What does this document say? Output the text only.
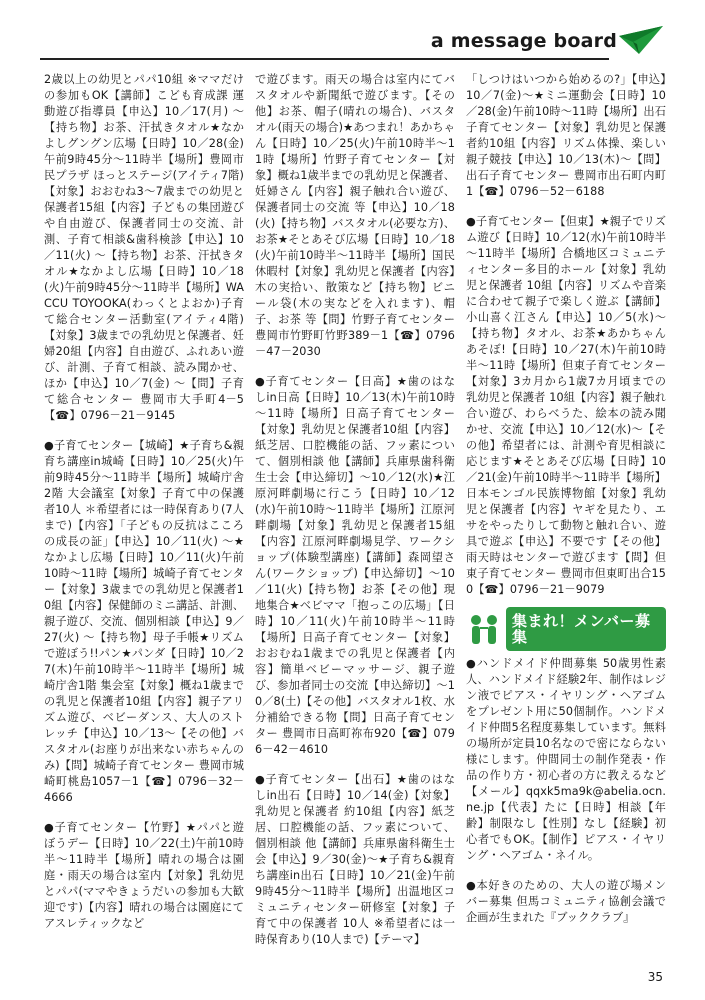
a message board

2歳以上の幼児とパパ10組 ※ママだけの参加もOK【講師】こども育成課 運動遊び指導員【申込】10／17(月) ～【持ち物】お茶、汗拭きタオル★なかよしグングン広場【日時】10／28(金) 午前9時45分～11時半【場所】豊岡市民プラザ ほっとステージ(アイティ7階)【対象】おおむね3～7歳までの幼児と保護者15組【内容】子どもの集団遊びや自由遊び、保護者同士の交流、計測、子育て相談&歯科検診【申込】10／11(火) ～【持ち物】お茶、汗拭きタオル★なかよし広場【日時】10／18(火)午前9時45分～11時半【場所】WACCU TOYOOKA(わっくとよおか)子育て総合センター活動室(アイティ4階)【対象】3歳までの乳幼児と保護者、妊婦20組【内容】自由遊び、ふれあい遊び、計測、子育て相談、読み聞かせ、ほか【申込】10／7(金) ～【問】子育て総合センター 豊岡市大手町4－5【☎】0796－21－9145

●子育てセンター【城崎】★子育ち&親育ち講座in城崎【日時】10／25(火)午前9時45分～11時半【場所】城崎庁舎2階 大会議室【対象】子育て中の保護者10人 ＊希望者には一時保育あり(7人まで)【内容】「子どもの反抗はこころの成長の証」【申込】10／11(火) ～★なかよし広場【日時】10／11(火)午前10時～11時【場所】城崎子育てセンター【対象】3歳までの乳幼児と保護者10組【内容】保健師のミニ講話、計測、親子遊び、交流、個別相談【申込】9／27(火) ～【持ち物】母子手帳★リズムで遊ぼう!!パン★パンダ【日時】10／27(木)午前10時半～11時半【場所】城崎庁舎1階 集会室【対象】概ね1歳までの乳児と保護者10組【内容】親子アリズム遊び、ベビーダンス、大人のストレッチ【申込】10／13～【その他】バスタオル(お座りが出来ない赤ちゃんのみ)【問】城崎子育てセンター 豊岡市城崎町桃島1057－1【☎】0796－32－4666

●子育てセンター【竹野】★パパと遊ぼうデー【日時】10／22(土)午前10時半～11時半【場所】晴れの場合は園庭・雨天の場合は室内【対象】乳幼児とパパ(ママやきょうだいの参加も大歓迎です)【内容】晴れの場合は園庭にてアスレティックなど

で遊びます。雨天の場合は室内にてバスタオルや新聞紙で遊びます。【その他】お茶、帽子(晴れの場合)、バスタオル(雨天の場合)★あつまれ！あかちゃん【日時】10／25(火)午前10時半～11時【場所】竹野子育てセンター【対象】概ね1歳半までの乳幼児と保護者、妊婦さん【内容】親子触れ合い遊び、保護者同士の交流 等【申込】10／18(火)【持ち物】バスタオル(必要な方)、お茶★そとあそび広場【日時】10／18(火)午前10時半～11時半【場所】国民休暇村【対象】乳幼児と保護者【内容】木の実拾い、散策など【持ち物】ビニール袋(木の実などを入れます)、帽子、お茶 等【問】竹野子育てセンター 豊岡市竹野町竹野389－1【☎】0796－47－2030

●子育てセンター【日高】★歯のはなしin日高【日時】10／13(木)午前10時～11時【場所】日高子育てセンター【対象】乳幼児と保護者10組【内容】紙芝居、口腔機能の話、フッ素について、個別相談 他【講師】兵庫県歯科衛生士会【申込締切】～10／12(水)★江原河畔劇場に行こう【日時】10／12(水)午前10時～11時半【場所】江原河畔劇場【対象】乳幼児と保護者15組【内容】江原河畔劇場見学、ワークショップ(体験型講座)【講師】森岡望さん(ワークショップ)【申込締切】～10／11(火)【持ち物】お茶【その他】現地集合★ベビママ「抱っこの広場」【日時】10／11(火)午前10時半～11時【場所】日高子育てセンター【対象】おおむね1歳までの乳児と保護者【内容】簡単ベビーマッサージ、親子遊び、参加者同士の交流【申込締切】～10／8(土)【その他】バスタオル1枚、水分補給できる物【問】日高子育てセンター 豊岡市日高町祢布920【☎】0796－42－4610

●子育てセンター【出石】★歯のはなしin出石【日時】10／14(金)【対象】乳幼児と保護者 約10組【内容】紙芝居、口腔機能の話、フッ素について、個別相談 他【講師】兵庫県歯科衛生士会【申込】9／30(金)～★子育ち&親育ち講座in出石【日時】10／21(金)午前9時45分～11時半【場所】出温地区コミュニティセンター研修室【対象】子育て中の保護者 10人 ※希望者には一時保育あり(10人まで)【テーマ】

「しつけはいつから始めるの?」【申込】10／7(金)～★ミニ運動会【日時】10／28(金)午前10時～11時【場所】出石子育てセンター【対象】乳幼児と保護者約10組【内容】リズム体操、楽しい親子競技【申込】10／13(木)～【問】出石子育てセンター 豊岡市出石町内町1【☎】0796－52－6188

●子育てセンター【但東】★親子でリズム遊び【日時】10／12(水)午前10時半～11時半【場所】合橋地区コミュニティセンター多目的ホール【対象】乳幼児と保護者 10組【内容】リズムや音楽に合わせて親子で楽しく遊ぶ【講師】小山喜く江さん【申込】10／5(水)～【持ち物】タオル、お茶★あかちゃんあそぼ!【日時】10／27(木)午前10時半～11時【場所】但東子育てセンター【対象】3カ月から1歳7カ月頃までの乳幼児と保護者 10組【内容】親子触れ合い遊び、わらべうた、絵本の読み聞かせ、交流【申込】10／12(水)～【その他】希望者には、計測や育児相談に応じます★そとあそび広場【日時】10／21(金)午前10時半～11時半【場所】日本モンゴル民族博物館【対象】乳幼児と保護者【内容】ヤギを見たり、エサをやったりして動物と触れ合い、遊具で遊ぶ【申込】不要です【その他】雨天時はセンターで遊びます【問】但東子育てセンター 豊岡市但東町出合150【☎】0796－21－9079

集まれ！メンバー募集

●ハンドメイド仲間募集 50歳男性素人、ハンドメイド経験2年、制作はレジン液でピアス・イヤリング・ヘアゴムをプレゼント用に50個制作。ハンドメイド仲間5名程度募集しています。無料の場所が定員10名なので密にならない様にします。仲間同士の制作発表・作品の作り方・初心者の方に教えるなど【メール】qqxk5ma9k@abelia.ocn.ne.jp【代表】たに【日時】相談【年齢】制限なし【性別】なし【経験】初心者でもOK。【制作】ピアス・イヤリング・ヘアゴム・ネイル。

●本好きのための、大人の遊び場メンバー募集 但馬コミュニティ協創会議で企画が生まれた『ブッククラブ』

35
